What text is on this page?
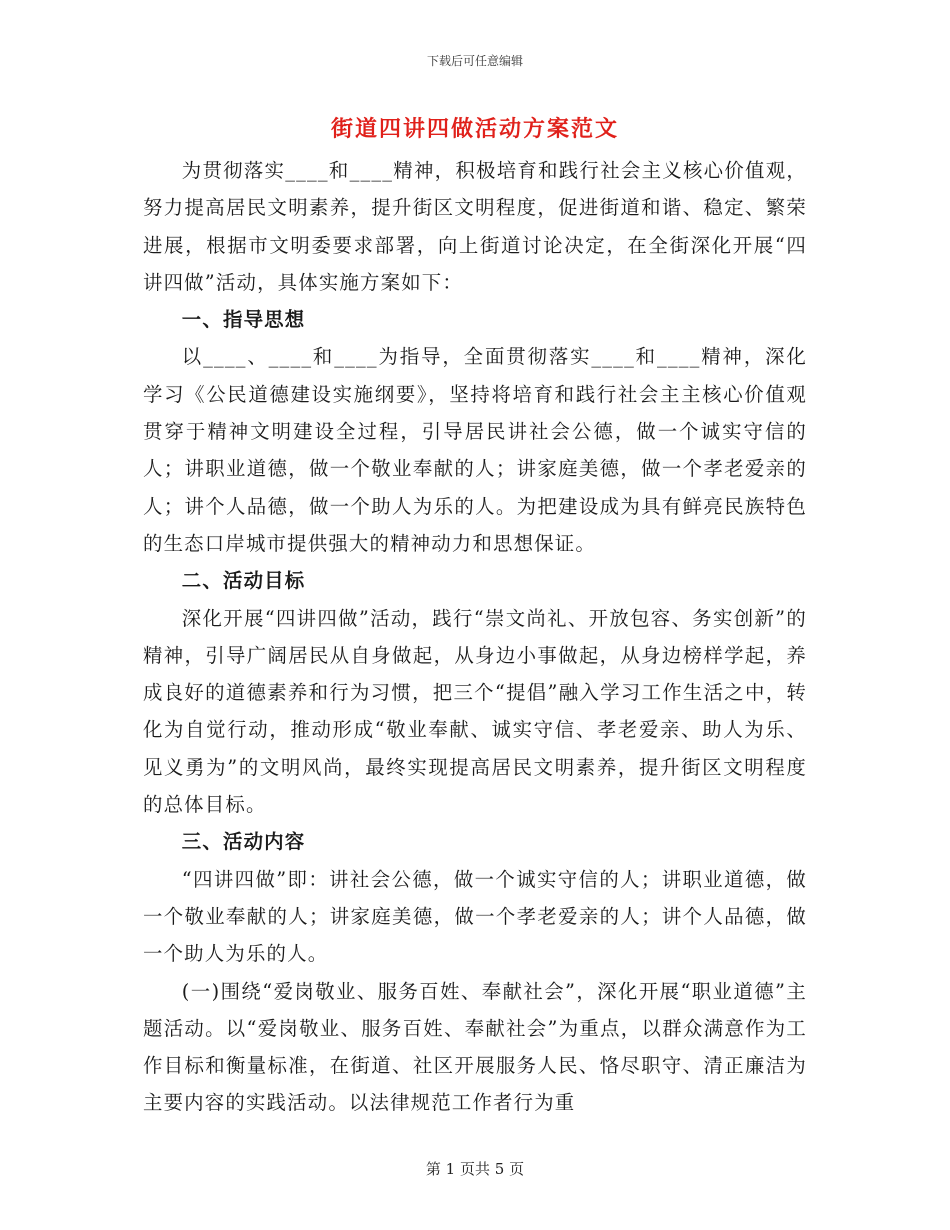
下载后可任意编辑
街道四讲四做活动方案范文

为贯彻落实____和____精神，积极培育和践行社会主义核心价值观，努力提高居民文明素养，提升街区文明程度，促进街道和谐、稳定、繁荣进展，根据市文明委要求部署，向上街道讨论决定，在全街深化开展“四讲四做”活动，具体实施方案如下：

一、指导思想

以____、____和____为指导，全面贯彻落实____和____精神，深化学习《公民道德建设实施纲要》，坚持将培育和践行社会主主核心价值观贯穿于精神文明建设全过程，引导居民讲社会公德，做一个诚实守信的人；讲职业道德，做一个敬业奉献的人；讲家庭美德，做一个孝老爱亲的人；讲个人品德，做一个助人为乐的人。为把建设成为具有鲜亮民族特色的生态口岸城市提供强大的精神动力和思想保证。

二、活动目标

深化开展“四讲四做”活动，践行“崇文尚礼、开放包容、务实创新”的精神，引导广阔居民从自身做起，从身边小事做起，从身边榜样学起，养成良好的道德素养和行为习惯，把三个“提倡”融入学习工作生活之中，转化为自觉行动，推动形成“敬业奉献、诚实守信、孝老爱亲、助人为乐、见义勇为”的文明风尚，最终实现提高居民文明素养，提升街区文明程度的总体目标。

三、活动内容

“四讲四做”即：讲社会公德，做一个诚实守信的人；讲职业道德，做一个敬业奉献的人；讲家庭美德，做一个孝老爱亲的人；讲个人品德，做一个助人为乐的人。

(一)围绕“爱岗敬业、服务百姓、奉献社会”，深化开展“职业道德”主题活动。以“爱岗敬业、服务百姓、奉献社会”为重点，以群众满意作为工作目标和衡量标准，在街道、社区开展服务人民、恪尽职守、清正廉洁为主要内容的实践活动。以法律规范工作者行为重

第 1 页共 5 页
